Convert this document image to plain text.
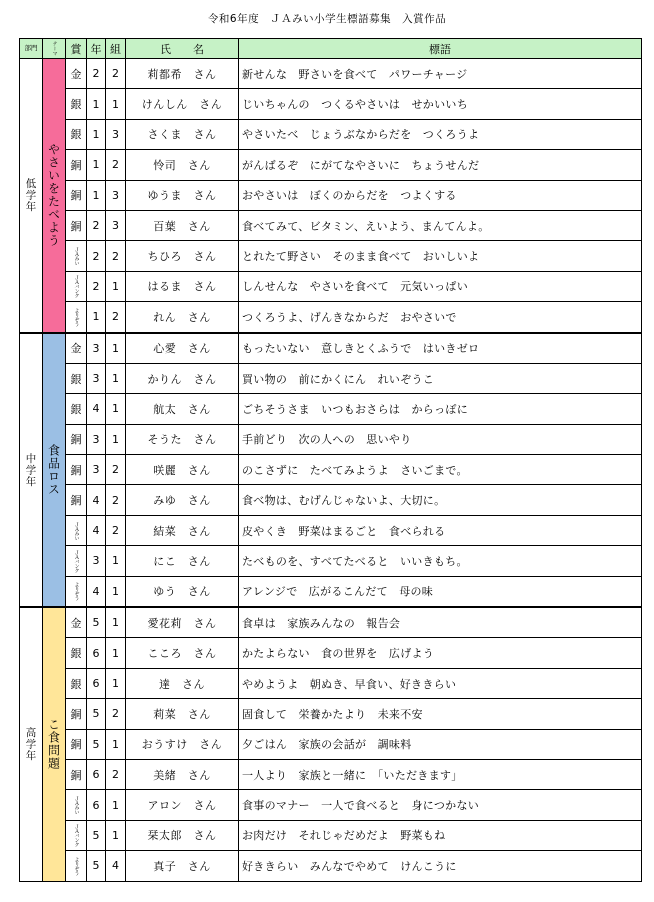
令和6年度　ＪＡみい小学生標語募集　入賞作品
部門	テーマ	賞	年	組	氏　　名	標語
低学年	やさいをたべよう	金	2	2	莉都希　さん	新せんな　野さいを食べて　パワーチャージ
		銀	1	1	けんしん　さん	じいちゃんの　つくるやさいは　せかいいち
		銀	1	3	さくま　さん	やさいたべ　じょうぶなからだを　つくろうよ
		銅	1	2	怜司　さん	がんばるぞ　にがてなやさいに　ちょうせんだ
		銅	1	3	ゆうま　さん	おやさいは　ぼくのからだを　つよくする
		銅	2	3	百葉　さん	食べてみて、ビタミン、えいよう、まんてんよ。

		ＪＡみい	2	2	ちひろ　さん	とれたて野さい　そのまま食べて　おいしいよ

		ＪＡバンク	2	1	はるま　さん	しんせんな　やさいを食べて　元気いっぱい

		よりぞう	1	2	れん　さん	つくろうよ、げんきなからだ　おやさいで
中学年	食品ロス	金	3	1	心愛　さん	もったいない　意しきとくふうで　はいきゼロ
		銀	3	1	かりん　さん	買い物の　前にかくにん　れいぞうこ
		銀	4	1	航太　さん	ごちそうさま　いつもおさらは　からっぽに
		銅	3	1	そうた　さん	手前どり　次の人への　思いやり
		銅	3	2	咲麗　さん	のこさずに　たべてみようよ　さいごまで。
		銅	4	2	みゆ　さん	食べ物は、むげんじゃないよ、大切に。

		ＪＡみい	4	2	結菜　さん	皮やくき　野菜はまるごと　食べられる

		ＪＡバンク	3	1	にこ　さん	たべものを、すべてたべると　いいきもち。

		よりぞう	4	1	ゆう　さん	アレンジで　広がるこんだて　母の味
高学年	こ食問題	金	5	1	愛花莉　さん	食卓は　家族みんなの　報告会
		銀	6	1	こころ　さん	かたよらない　食の世界を　広げよう
		銀	6	1	達　さん	やめようよ　朝ぬき、早食い、好ききらい
		銅	5	2	莉菜　さん	固食して　栄養かたより　未来不安
		銅	5	1	おうすけ　さん	夕ごはん　家族の会話が　調味料
		銅	6	2	美緒　さん	一人より　家族と一緒に　「いただきます」

		ＪＡみい	6	1	アロン　さん	食事のマナー　一人で食べると　身につかない

		ＪＡバンク	5	1	栞太郎　さん	お肉だけ　それじゃだめだよ　野菜もね

		よりぞう	5	4	真子　さん	好ききらい　みんなでやめて　けんこうに
